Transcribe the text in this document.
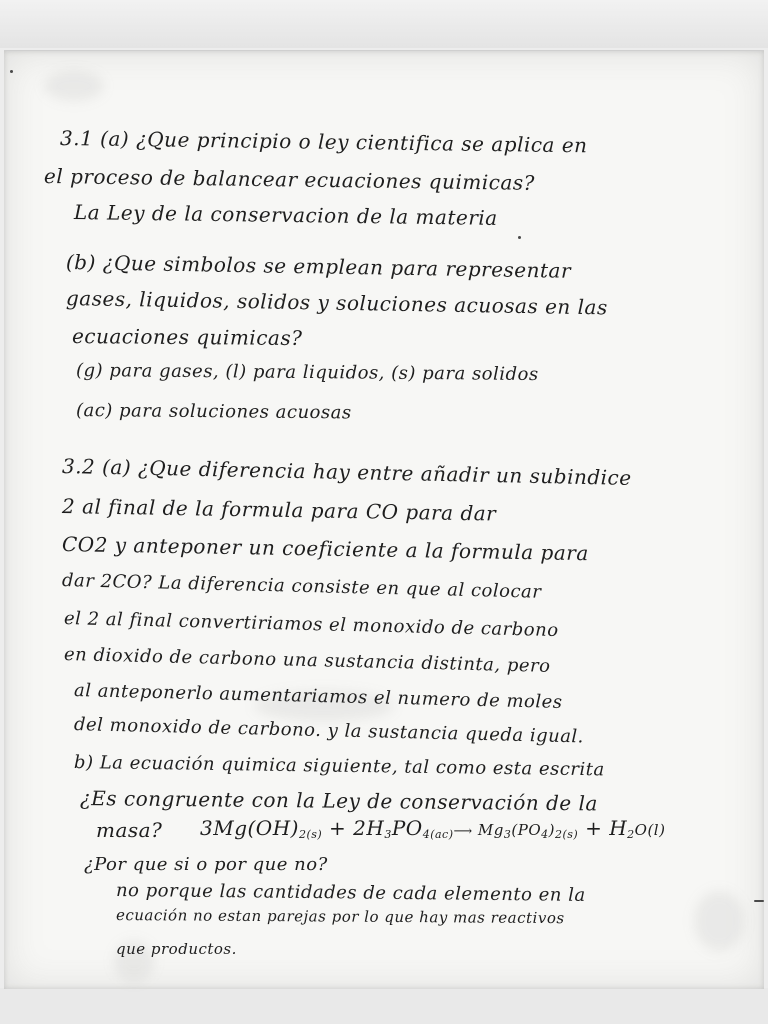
3.1 (a) ¿Que principio o ley cientifica se aplica en
el proceso de balancear ecuaciones quimicas?
La Ley de la conservacion de la materia
(b) ¿Que simbolos se emplean para representar
gases, liquidos, solidos y soluciones acuosas en las
ecuaciones quimicas?
(g) para gases, (l) para liquidos, (s) para solidos
(ac) para soluciones acuosas
3.2 (a) ¿Que diferencia hay entre añadir un subindice
2 al final de la formula para CO para dar
CO2 y anteponer un coeficiente a la formula para
dar 2CO? La diferencia consiste en que al colocar
el 2 al final convertiriamos el monoxido de carbono
en dioxido de carbono una sustancia distinta, pero
al anteponerlo aumentariamos el numero de moles
del monoxido de carbono. y la sustancia queda igual.
b) La ecuación quimica siguiente, tal como esta escrita
¿Es congruente con la Ley de conservación de la
masa? $3Mg(OH)_{2(s)}$ + $2H_3PO_{4(ac)}⟶$ $Mg_3(PO_4)_{2(s)} + H_2O(l)$
¿Por que si o por que no?
no porque las cantidades de cada elemento en la
ecuación no estan parejas por lo que hay mas reactivos
que productos.
